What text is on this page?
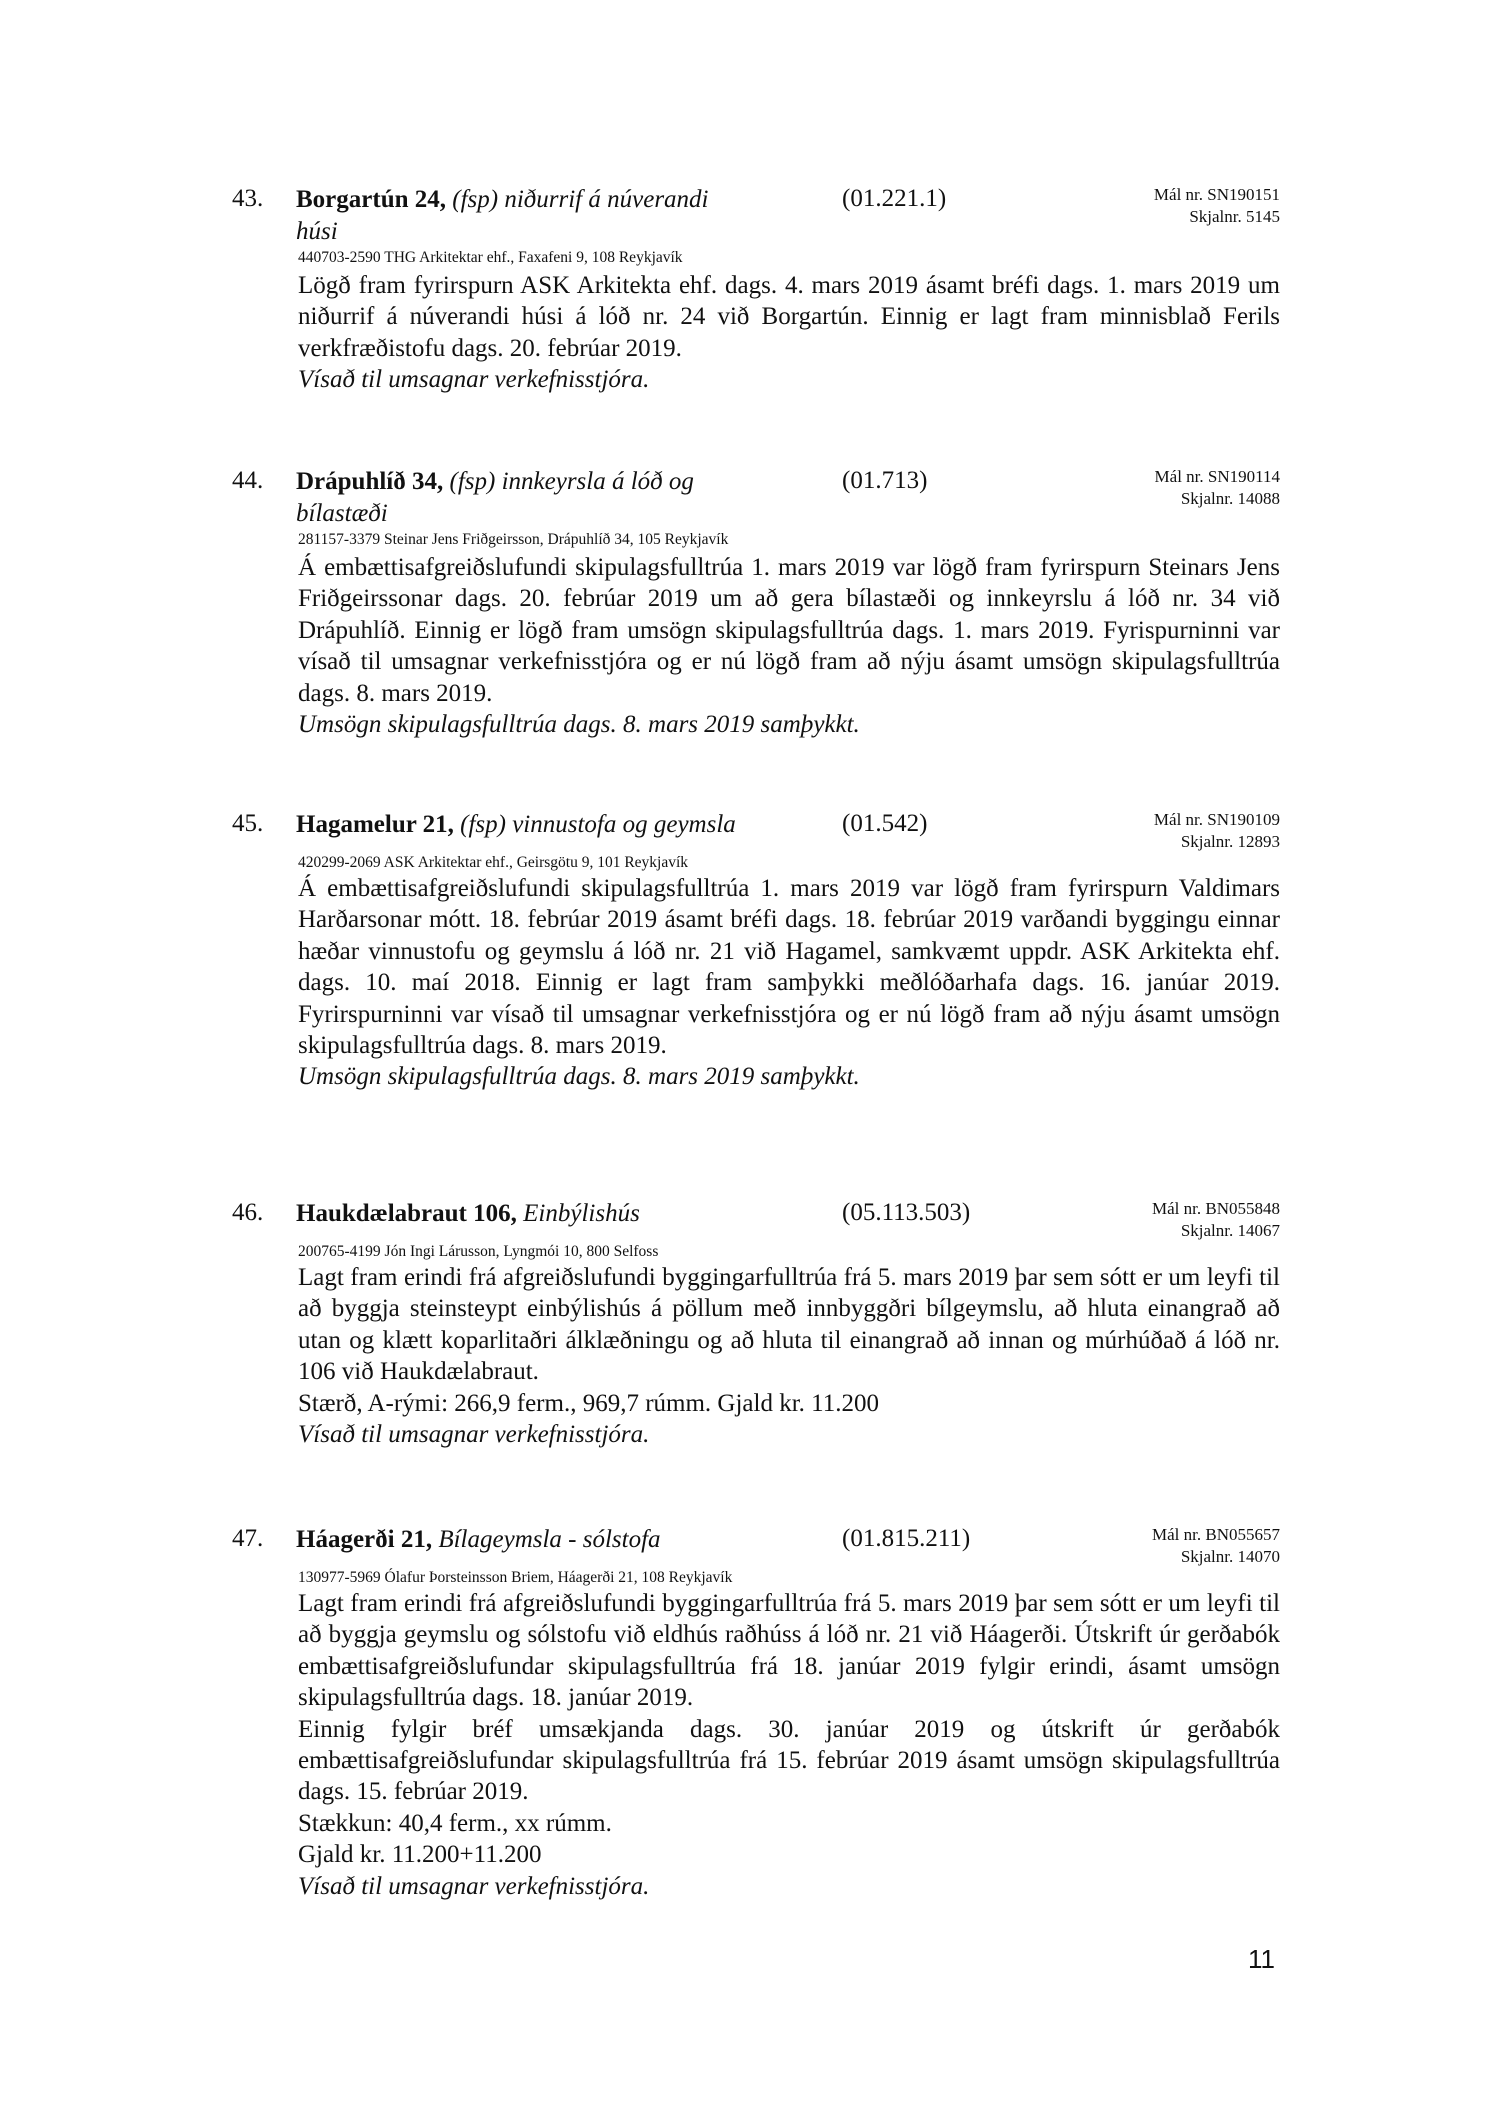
43. Borgartún 24, (fsp) niðurrif á núverandi
húsi
(01.221.1)	Mál nr. SN190151
Skjalnr. 5145
440703-2590 THG Arkitektar ehf., Faxafeni 9, 108 Reykjavík

Lögð fram fyrirspurn ASK Arkitekta ehf. dags. 4. mars 2019 ásamt bréfi dags. 1. mars 2019 um niðurrif á núverandi húsi á lóð nr. 24 við Borgartún. Einnig er lagt fram minnisblað Ferils verkfræðistofu dags. 20. febrúar 2019.

Vísað til umsagnar verkefnisstjóra.

44. Drápuhlíð 34, (fsp) innkeyrsla á lóð og
bílastæði
(01.713)	Mál nr. SN190114
Skjalnr. 14088
281157-3379 Steinar Jens Friðgeirsson, Drápuhlíð 34, 105 Reykjavík

Á embættisafgreiðslufundi skipulagsfulltrúa 1. mars 2019 var lögð fram fyrirspurn Steinars Jens Friðgeirssonar dags. 20. febrúar 2019 um að gera bílastæði og innkeyrslu á lóð nr. 34 við Drápuhlíð. Einnig er lögð fram umsögn skipulagsfulltrúa dags. 1. mars 2019. Fyrispurninni var vísað til umsagnar verkefnisstjóra og er nú lögð fram að nýju ásamt umsögn skipulagsfulltrúa dags. 8. mars 2019.

Umsögn skipulagsfulltrúa dags. 8. mars 2019 samþykkt.

45. Hagamelur 21, (fsp) vinnustofa og geymsla	(01.542)	Mál nr. SN190109
Skjalnr. 12893
420299-2069 ASK Arkitektar ehf., Geirsgötu 9, 101 Reykjavík

Á embættisafgreiðslufundi skipulagsfulltrúa 1. mars 2019 var lögð fram fyrirspurn Valdimars Harðarsonar mótt. 18. febrúar 2019 ásamt bréfi dags. 18. febrúar 2019 varðandi byggingu einnar hæðar vinnustofu og geymslu á lóð nr. 21 við Hagamel, samkvæmt uppdr. ASK Arkitekta ehf. dags. 10. maí 2018. Einnig er lagt fram samþykki meðlóðarhafa dags. 16. janúar 2019. Fyrirspurninni var vísað til umsagnar verkefnisstjóra og er nú lögð fram að nýju ásamt umsögn skipulagsfulltrúa dags. 8. mars 2019.

Umsögn skipulagsfulltrúa dags. 8. mars 2019 samþykkt.

46. Haukdælabraut 106, Einbýlishús	(05.113.503)	Mál nr. BN055848
Skjalnr. 14067
200765-4199 Jón Ingi Lárusson, Lyngmói 10, 800 Selfoss

Lagt fram erindi frá afgreiðslufundi byggingarfulltrúa frá 5. mars 2019 þar sem sótt er um leyfi til að byggja steinsteypt einbýlishús á pöllum með innbyggðri bílgeymslu, að hluta einangrað að utan og klætt koparlitaðri álklæðningu og að hluta til einangrað að innan og múrhúðað á lóð nr. 106 við Haukdælabraut.

Stærð, A-rými: 266,9 ferm., 969,7 rúmm. Gjald kr. 11.200

Vísað til umsagnar verkefnisstjóra.

47. Háagerði 21, Bílageymsla - sólstofa	(01.815.211)	Mál nr. BN055657
Skjalnr. 14070
130977-5969 Ólafur Þorsteinsson Briem, Háagerði 21, 108 Reykjavík

Lagt fram erindi frá afgreiðslufundi byggingarfulltrúa frá 5. mars 2019 þar sem sótt er um leyfi til að byggja geymslu og sólstofu við eldhús raðhúss á lóð nr. 21 við Háagerði. Útskrift úr gerðabók embættisafgreiðslufundar skipulagsfulltrúa frá 18. janúar 2019 fylgir erindi, ásamt umsögn skipulagsfulltrúa dags. 18. janúar 2019.

Einnig fylgir bréf umsækjanda dags. 30. janúar 2019 og útskrift úr gerðabók embættisafgreiðslufundar skipulagsfulltrúa frá 15. febrúar 2019 ásamt umsögn skipulagsfulltrúa dags. 15. febrúar 2019.

Stækkun: 40,4 ferm., xx rúmm.

Gjald kr. 11.200+11.200

Vísað til umsagnar verkefnisstjóra.

11
